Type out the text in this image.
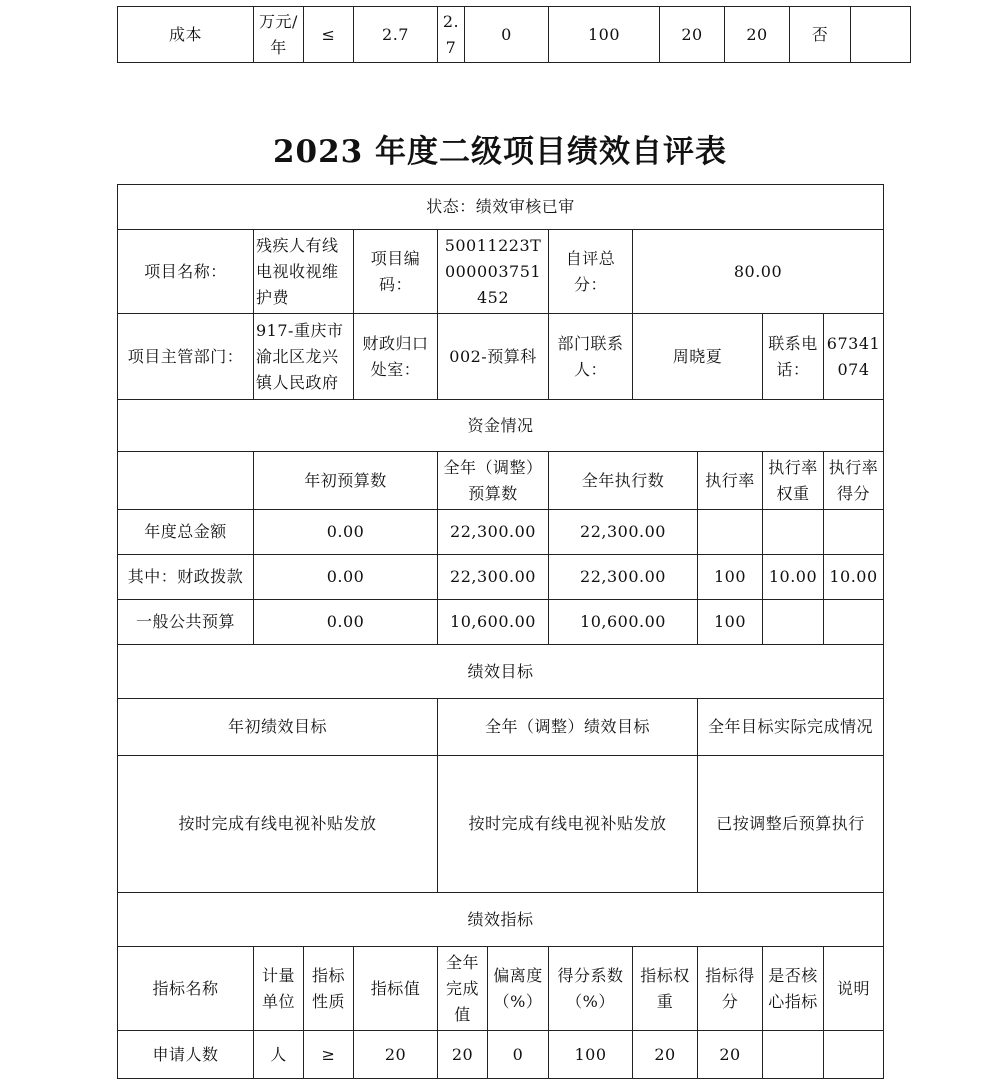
成本	万元/年	≤	2.7	2.7	0	100	20	20	否	
2023 年度二级项目绩效自评表
状态：绩效审核已审										
项目名称：	残疾人有线电视收视维护费		项目编码：	50011223T000003751452		自评总分：	80.00			
项目主管部门：	917-重庆市渝北区龙兴镇人民政府		财政归口处室：	002-预算科		部门联系人：	周晓夏		联系电话：	67341074
资金情况										
	年初预算数			全年（调整）预算数		全年执行数		执行率	执行率权重	执行率得分
年度总金额	0.00			22,300.00		22,300.00				
其中：财政拨款	0.00			22,300.00		22,300.00		100	10.00	10.00
一般公共预算	0.00			10,600.00		10,600.00		100		
绩效目标										
年初绩效目标				全年（调整）绩效目标				全年目标实际完成情况		
按时完成有线电视补贴发放				按时完成有线电视补贴发放				已按调整后预算执行		
绩效指标										
指标名称	计量单位	指标性质	指标值	全年完成值	偏离度（%）	得分系数（%）	指标权重	指标得分	是否核心指标	说明
申请人数	人	≥	20	20	0	100	20	20		
